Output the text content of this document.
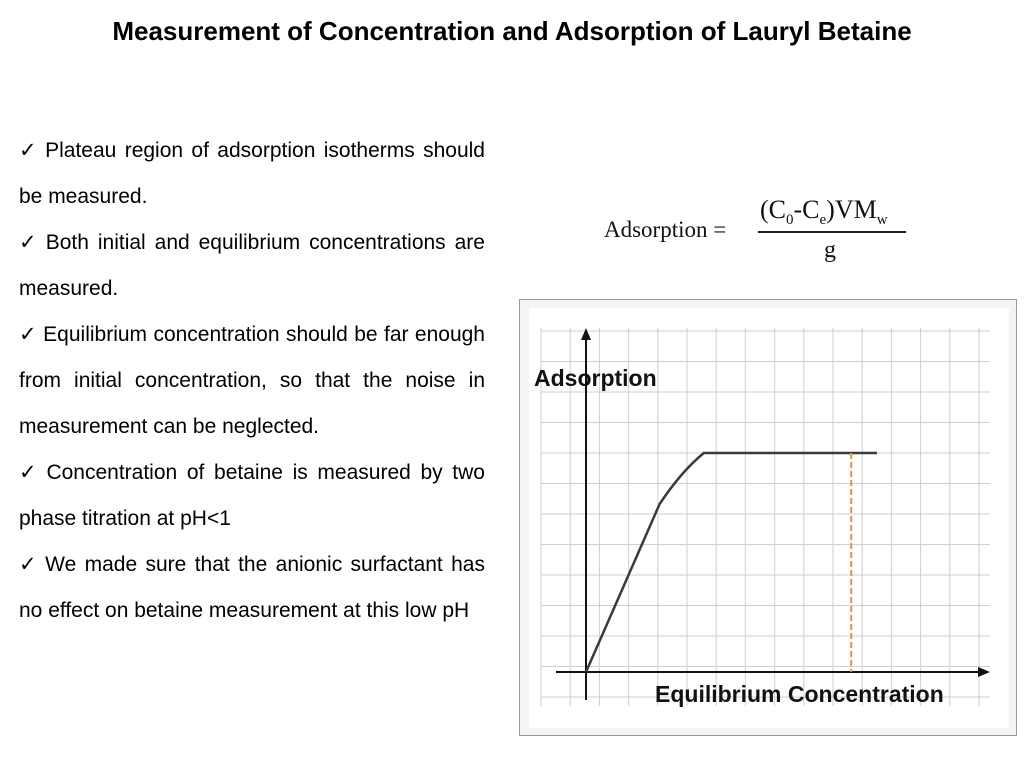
Measurement of Concentration and Adsorption of Lauryl Betaine
✓ Plateau region of adsorption isotherms should be measured.
✓ Both initial and equilibrium concentrations are measured.
✓ Equilibrium concentration should be far enough from initial concentration, so that the noise in measurement can be neglected.
✓ Concentration of betaine is measured by two phase titration at pH<1
✓ We made sure that the anionic surfactant has no effect on betaine measurement at this low pH
Adsorption =
$(C_0-C_e)VM_w$
g
Adsorption
Equilibrium Concentration
